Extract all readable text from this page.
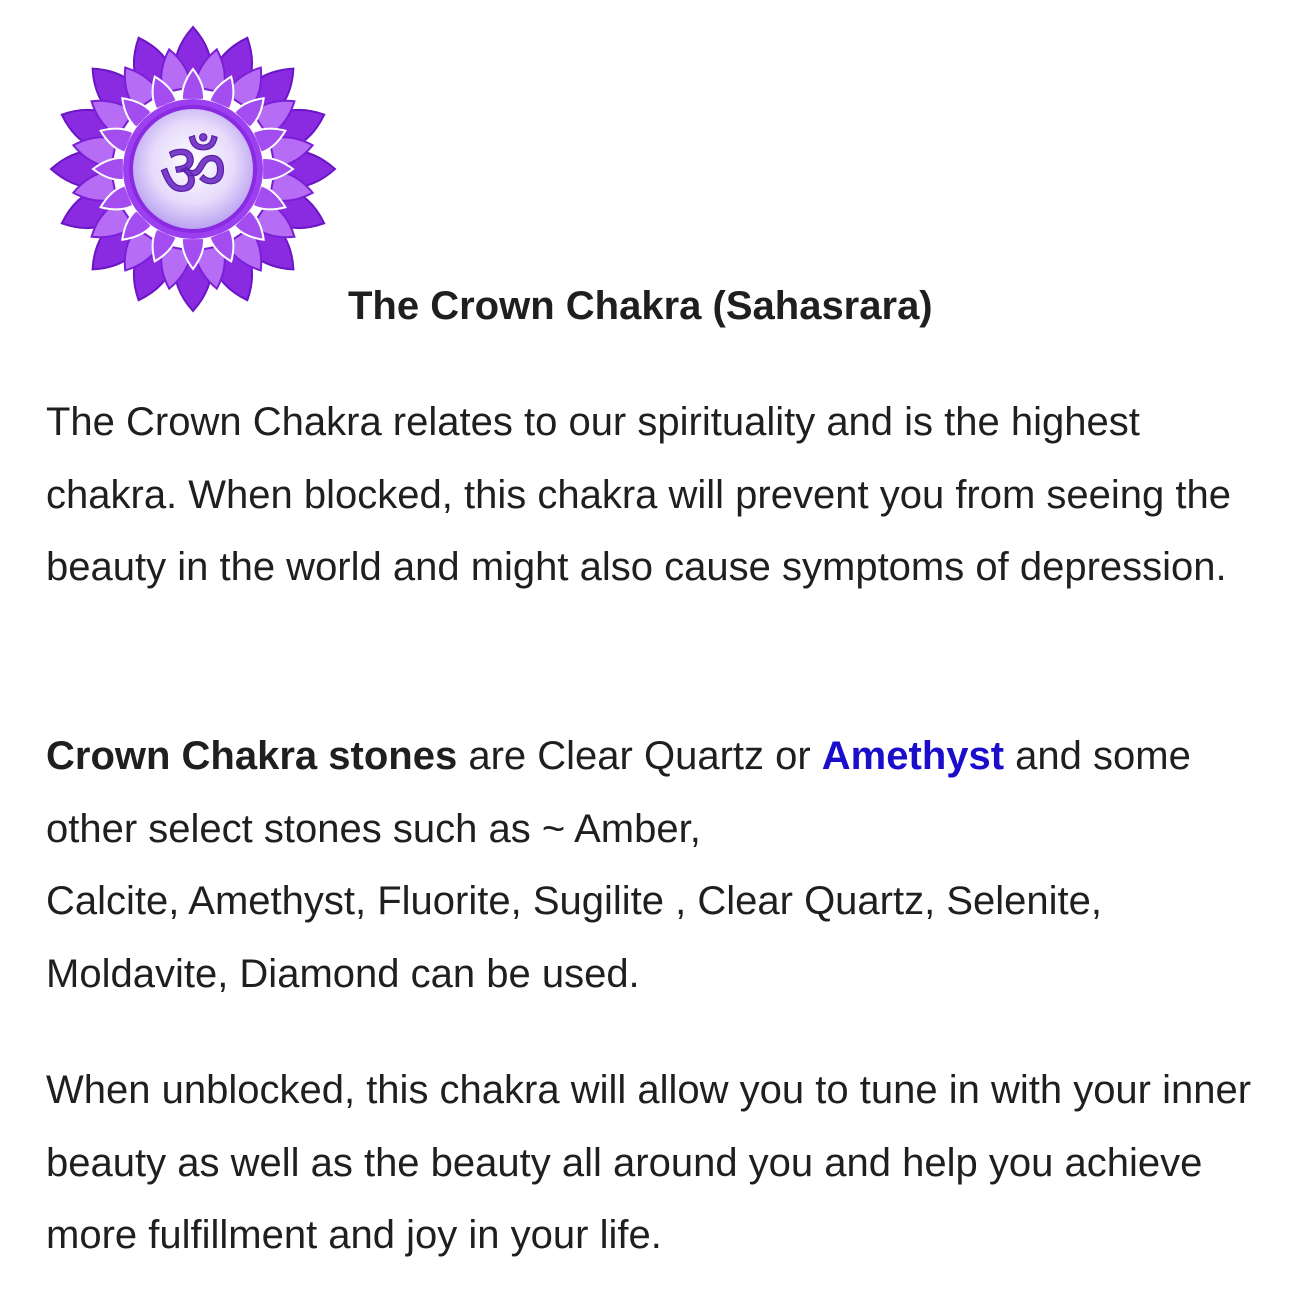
ॐ
The Crown Chakra (Sahasrara)

The Crown Chakra relates to our spirituality and is the highest chakra. When blocked, this chakra will prevent you from seeing the beauty in the world and might also cause symptoms of depression.

Crown Chakra stones are Clear Quartz or Amethyst and some other select stones such as ~ Amber,
Calcite, Amethyst, Fluorite, Sugilite , Clear Quartz, Selenite, Moldavite, Diamond can be used.

When unblocked, this chakra will allow you to tune in with your inner beauty as well as the beauty all around you and help you achieve more fulfillment and joy in your life.
